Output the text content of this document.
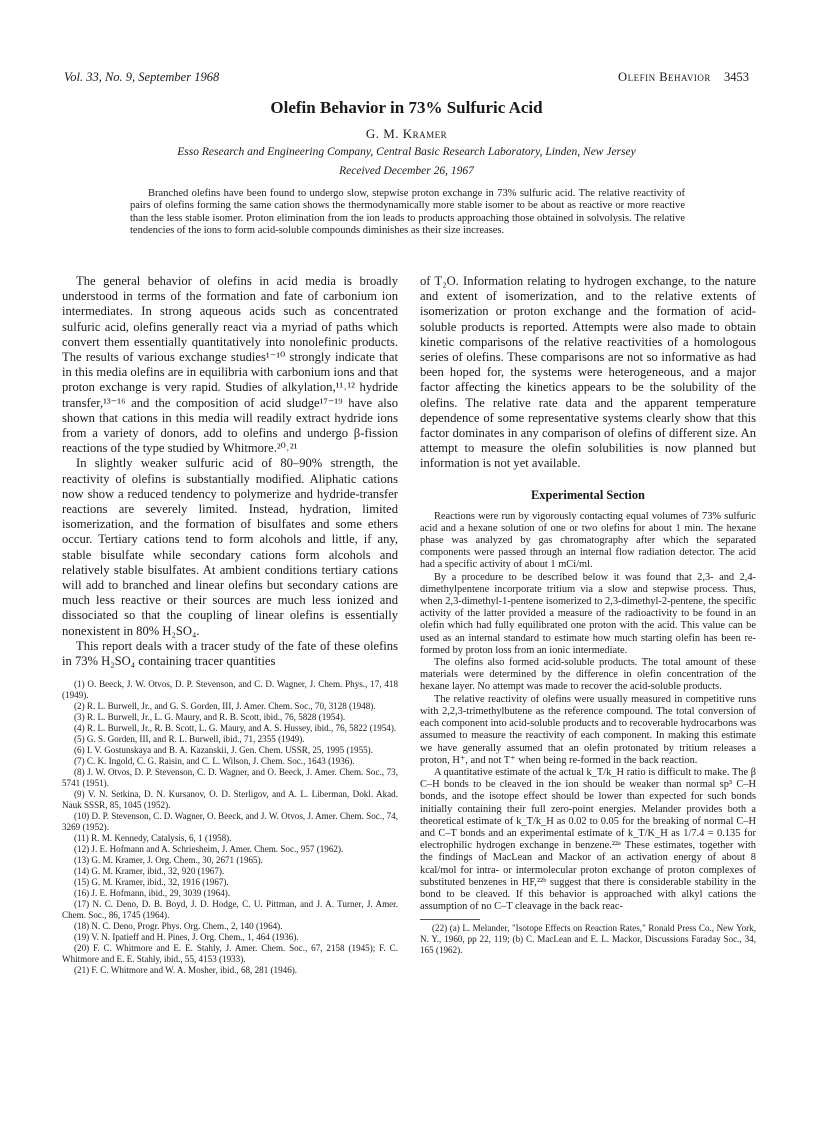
Vol. 33, No. 9, September 1968	Olefin Behavior 3453
Olefin Behavior in 73% Sulfuric Acid
G. M. Kramer
Esso Research and Engineering Company, Central Basic Research Laboratory, Linden, New Jersey
Received December 26, 1967

Branched olefins have been found to undergo slow, stepwise proton exchange in 73% sulfuric acid. The relative reactivity of pairs of olefins forming the same cation shows the thermodynamically more stable isomer to be about as reactive or more reactive than the less stable isomer. Proton elimination from the ion leads to products approaching those obtained in solvolysis. The relative tendencies of the ions to form acid-soluble compounds diminishes as their size increases.

The general behavior of olefins in acid media is broadly understood in terms of the formation and fate of carbonium ion intermediates. In strong aqueous acids such as concentrated sulfuric acid, olefins generally react via a myriad of paths which convert them essentially quantitatively into nonolefinic products. The results of various exchange studies¹⁻¹⁰ strongly indicate that in this media olefins are in equilibria with carbonium ions and that proton exchange is very rapid. Studies of alkylation,¹¹˒¹² hydride transfer,¹³⁻¹⁶ and the composition of acid sludge¹⁷⁻¹⁹ have also shown that cations in this media will readily extract hydride ions from a variety of donors, add to olefins and undergo β-fission reactions of the type studied by Whitmore.²⁰˒²¹

In slightly weaker sulfuric acid of 80–90% strength, the reactivity of olefins is substantially modified. Aliphatic cations now show a reduced tendency to polymerize and hydride-transfer reactions are severely limited. Instead, hydration, limited isomerization, and the formation of bisulfates and some ethers occur. Tertiary cations tend to form alcohols and little, if any, stable bisulfate while secondary cations form alcohols and relatively stable bisulfates. At ambient conditions tertiary cations will add to branched and linear olefins but secondary cations are much less reactive or their sources are much less ionized and dissociated so that the coupling of linear olefins is essentially nonexistent in 80% H₂SO₄.

This report deals with a tracer study of the fate of these olefins in 73% H₂SO₄ containing tracer quantities

(1) O. Beeck, J. W. Otvos, D. P. Stevenson, and C. D. Wagner, J. Chem. Phys., 17, 418 (1949).

(2) R. L. Burwell, Jr., and G. S. Gorden, III, J. Amer. Chem. Soc., 70, 3128 (1948).

(3) R. L. Burwell, Jr., L. G. Maury, and R. B. Scott, ibid., 76, 5828 (1954).

(4) R. L. Burwell, Jr., R. B. Scott, L. G. Maury, and A. S. Hussey, ibid., 76, 5822 (1954).

(5) G. S. Gorden, III, and R. L. Burwell, ibid., 71, 2355 (1949).

(6) I. V. Gostunskaya and B. A. Kazanskii, J. Gen. Chem. USSR, 25, 1995 (1955).

(7) C. K. Ingold, C. G. Raisin, and C. L. Wilson, J. Chem. Soc., 1643 (1936).

(8) J. W. Otvos, D. P. Stevenson, C. D. Wagner, and O. Beeck, J. Amer. Chem. Soc., 73, 5741 (1951).

(9) V. N. Setkina, D. N. Kursanov, O. D. Sterligov, and A. L. Liberman, Dokl. Akad. Nauk SSSR, 85, 1045 (1952).

(10) D. P. Stevenson, C. D. Wagner, O. Beeck, and J. W. Otvos, J. Amer. Chem. Soc., 74, 3269 (1952).

(11) R. M. Kennedy, Catalysis, 6, 1 (1958).

(12) J. E. Hofmann and A. Schriesheim, J. Amer. Chem. Soc., 957 (1962).

(13) G. M. Kramer, J. Org. Chem., 30, 2671 (1965).

(14) G. M. Kramer, ibid., 32, 920 (1967).

(15) G. M. Kramer, ibid., 32, 1916 (1967).

(16) J. E. Hofmann, ibid., 29, 3039 (1964).

(17) N. C. Deno, D. B. Boyd, J. D. Hodge, C. U. Pittman, and J. A. Turner, J. Amer. Chem. Soc., 86, 1745 (1964).

(18) N. C. Deno, Progr. Phys. Org. Chem., 2, 140 (1964).

(19) V. N. Ipatieff and H. Pines, J. Org. Chem., 1, 464 (1936).

(20) F. C. Whitmore and E. E. Stahly, J. Amer. Chem. Soc., 67, 2158 (1945); F. C. Whitmore and E. E. Stahly, ibid., 55, 4153 (1933).

(21) F. C. Whitmore and W. A. Mosher, ibid., 68, 281 (1946).

of T₂O. Information relating to hydrogen exchange, to the nature and extent of isomerization, and to the relative extents of isomerization or proton exchange and the formation of acid-soluble products is reported. Attempts were also made to obtain kinetic comparisons of the relative reactivities of a homologous series of olefins. These comparisons are not so informative as had been hoped for, the systems were heterogeneous, and a major factor affecting the kinetics appears to be the solubility of the olefins. The relative rate data and the apparent temperature dependence of some representative systems clearly show that this factor dominates in any comparison of olefins of different size. An attempt to measure the olefin solubilities is now planned but information is not yet available.

Experimental Section

Reactions were run by vigorously contacting equal volumes of 73% sulfuric acid and a hexane solution of one or two olefins for about 1 min. The hexane phase was analyzed by gas chromatography after which the separated components were passed through an internal flow radiation detector. The acid had a specific activity of about 1 mCi/ml.

By a procedure to be described below it was found that 2,3- and 2,4-dimethylpentene incorporate tritium via a slow and stepwise process. Thus, when 2,3-dimethyl-1-pentene isomerized to 2,3-dimethyl-2-pentene, the specific activity of the latter provided a measure of the radioactivity to be found in an olefin which had fully equilibrated one proton with the acid. This value can be used as an internal standard to estimate how much starting olefin has been re-formed by proton loss from an ionic intermediate.

The olefins also formed acid-soluble products. The total amount of these materials were determined by the difference in olefin concentration of the hexane layer. No attempt was made to recover the acid-soluble products.

The relative reactivity of olefins were usually measured in competitive runs with 2,2,3-trimethylbutene as the reference compound. The total conversion of each component into acid-soluble products and to recoverable hydrocarbons was assumed to measure the reactivity of each component. In making this estimate we have generally assumed that an olefin protonated by tritium releases a proton, H⁺, and not T⁺ when being re-formed in the back reaction.

A quantitative estimate of the actual k_T/k_H ratio is difficult to make. The β C–H bonds to be cleaved in the ion should be weaker than normal sp³ C–H bonds, and the isotope effect should be lower than expected for such bonds initially containing their full zero-point energies. Melander provides both a theoretical estimate of k_T/k_H as 0.02 to 0.05 for the breaking of normal C–H and C–T bonds and an experimental estimate of k_T/K_H as 1/7.4 = 0.135 for electrophilic hydrogen exchange in benzene.²²ᵃ These estimates, together with the findings of MacLean and Mackor of an activation energy of about 8 kcal/mol for intra- or intermolecular proton exchange of proton complexes of substituted benzenes in HF,²²ᵇ suggest that there is considerable stability in the bond to be cleaved. If this behavior is approached with alkyl cations the assumption of no C–T cleavage in the back reac-

(22) (a) L. Melander, "Isotope Effects on Reaction Rates," Ronald Press Co., New York, N. Y., 1960, pp 22, 119; (b) C. MacLean and E. L. Mackor, Discussions Faraday Soc., 34, 165 (1962).
